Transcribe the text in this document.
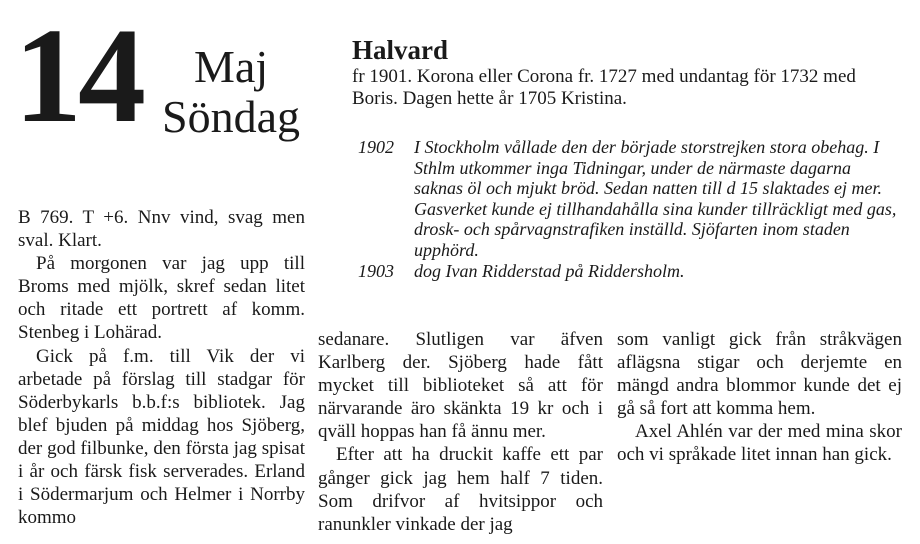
14 Maj
Söndag
Halvard

fr 1901. Korona eller Corona fr. 1727 med undantag för 1732 med Boris. Dagen hette år 1705 Kristina.

1902	I Stockholm vållade den der började storstrejken stora obehag. I Sthlm utkommer inga Tidningar, under de närmaste dagarna saknas öl och mjukt bröd. Sedan natten till d 15 slaktades ej mer. Gasverket kunde ej tillhandahålla sina kunder tillräckligt med gas, drosk- och spårvagnstrafiken inställd. Sjöfarten inom staden upphörd.
1903	dog Ivan Ridderstad på Riddersholm.

B 769. T +6. Nnv vind, svag men sval. Klart.

På morgonen var jag upp till Broms med mjölk, skref sedan litet och ritade ett portrett af komm. Stenbeg i Lohärad.

Gick på f.m. till Vik der vi arbetade på förslag till stadgar för Söderbykarls b.b.f:s bibliotek. Jag blef bjuden på middag hos Sjöberg, der god filbunke, den första jag spisat i år och färsk fisk serverades. Erland i Södermarjum och Helmer i Norrby kommo

sedanare. Slutligen var äfven Karlberg der. Sjöberg hade fått mycket till biblioteket så att för närvarande äro skänkta 19 kr och i qväll hoppas han få ännu mer.

Efter att ha druckit kaffe ett par gånger gick jag hem half 7 tiden. Som drifvor af hvitsippor och ranunkler vinkade der jag

som vanligt gick från stråkvägen aflägsna stigar och derjemte en mängd andra blommor kunde det ej gå så fort att komma hem.

Axel Ahlén var der med mina skor och vi språkade litet innan han gick.
